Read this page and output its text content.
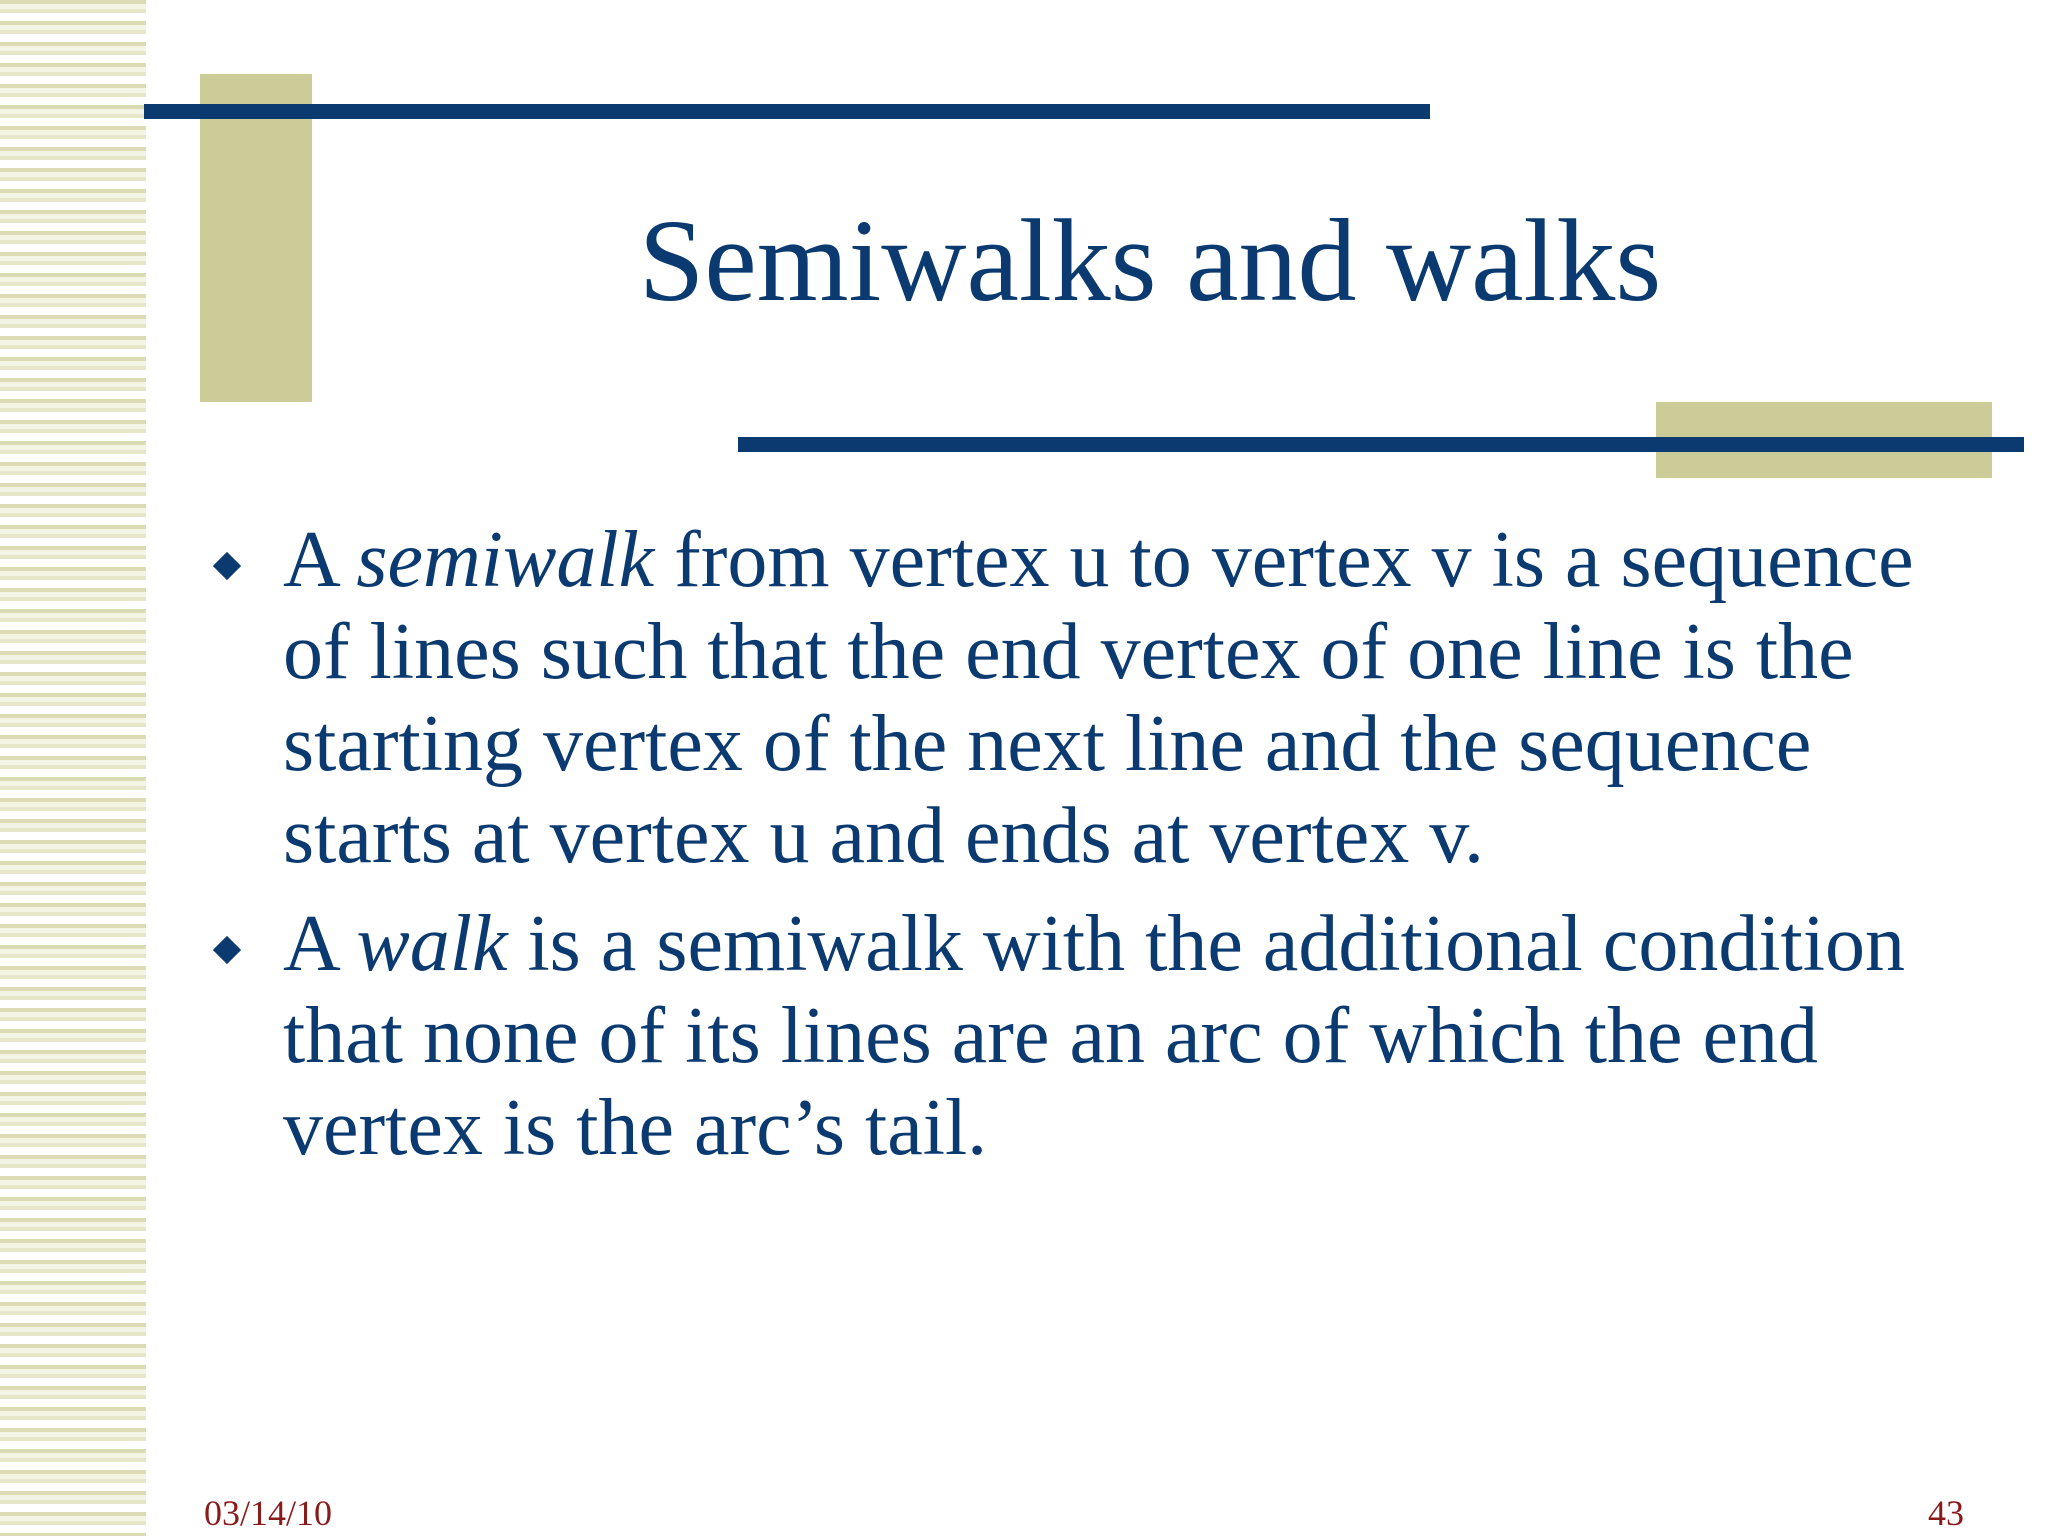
Semiwalks and walks
A semiwalk from vertex u to vertex v is a sequence of lines such that the end vertex of one line is the starting vertex of the next line and the sequence starts at vertex u and ends at vertex v.
A walk is a semiwalk with the additional condition that none of its lines are an arc of which the end vertex is the arc’s tail.
03/14/10	43
